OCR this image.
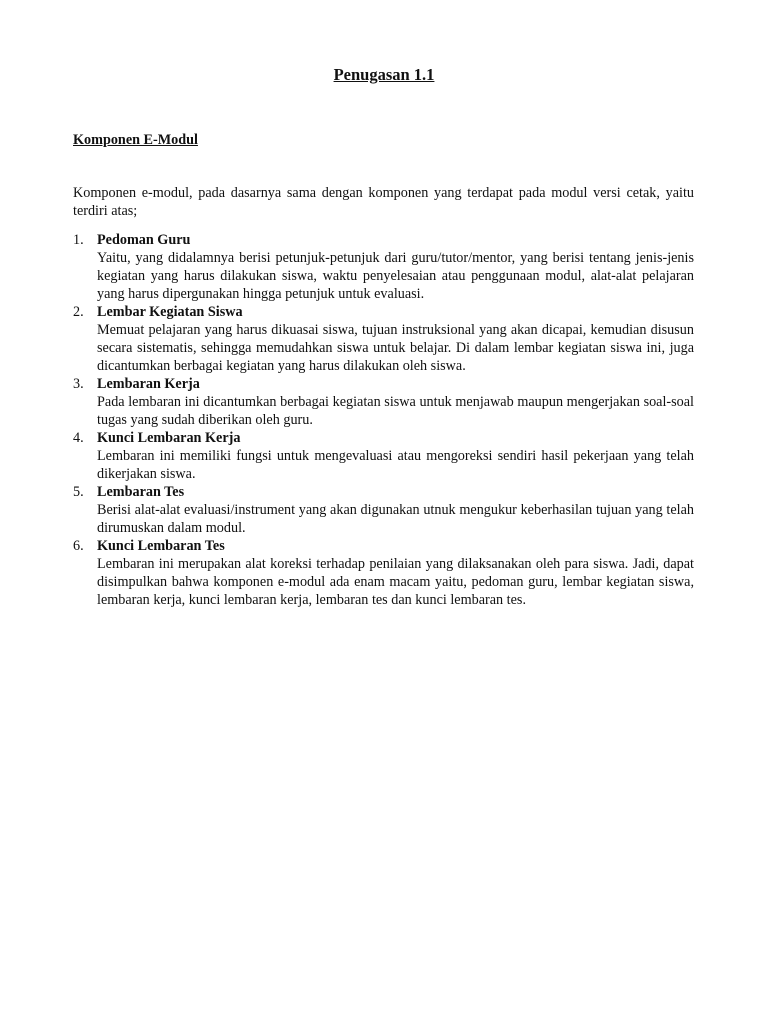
Penugasan 1.1
Komponen E-Modul

Komponen e-modul, pada dasarnya sama dengan komponen yang terdapat pada modul versi cetak, yaitu terdiri atas;

1. Pedoman Guru
Yaitu, yang didalamnya berisi petunjuk-petunjuk dari guru/tutor/mentor, yang berisi tentang jenis-jenis kegiatan yang harus dilakukan siswa, waktu penyelesaian atau penggunaan modul, alat-alat pelajaran yang harus dipergunakan hingga petunjuk untuk evaluasi.
2. Lembar Kegiatan Siswa
Memuat pelajaran yang harus dikuasai siswa, tujuan instruksional yang akan dicapai, kemudian disusun secara sistematis, sehingga memudahkan siswa untuk belajar. Di dalam lembar kegiatan siswa ini, juga dicantumkan berbagai kegiatan yang harus dilakukan oleh siswa.
3. Lembaran Kerja
Pada lembaran ini dicantumkan berbagai kegiatan siswa untuk menjawab maupun mengerjakan soal-soal tugas yang sudah diberikan oleh guru.
4. Kunci Lembaran Kerja
Lembaran ini memiliki fungsi untuk mengevaluasi atau mengoreksi sendiri hasil pekerjaan yang telah dikerjakan siswa.
5. Lembaran Tes
Berisi alat-alat evaluasi/instrument yang akan digunakan utnuk mengukur keberhasilan tujuan yang telah dirumuskan dalam modul.
6. Kunci Lembaran Tes
Lembaran ini merupakan alat koreksi terhadap penilaian yang dilaksanakan oleh para siswa. Jadi, dapat disimpulkan bahwa komponen e-modul ada enam macam yaitu, pedoman guru, lembar kegiatan siswa, lembaran kerja, kunci lembaran kerja, lembaran tes dan kunci lembaran tes.
